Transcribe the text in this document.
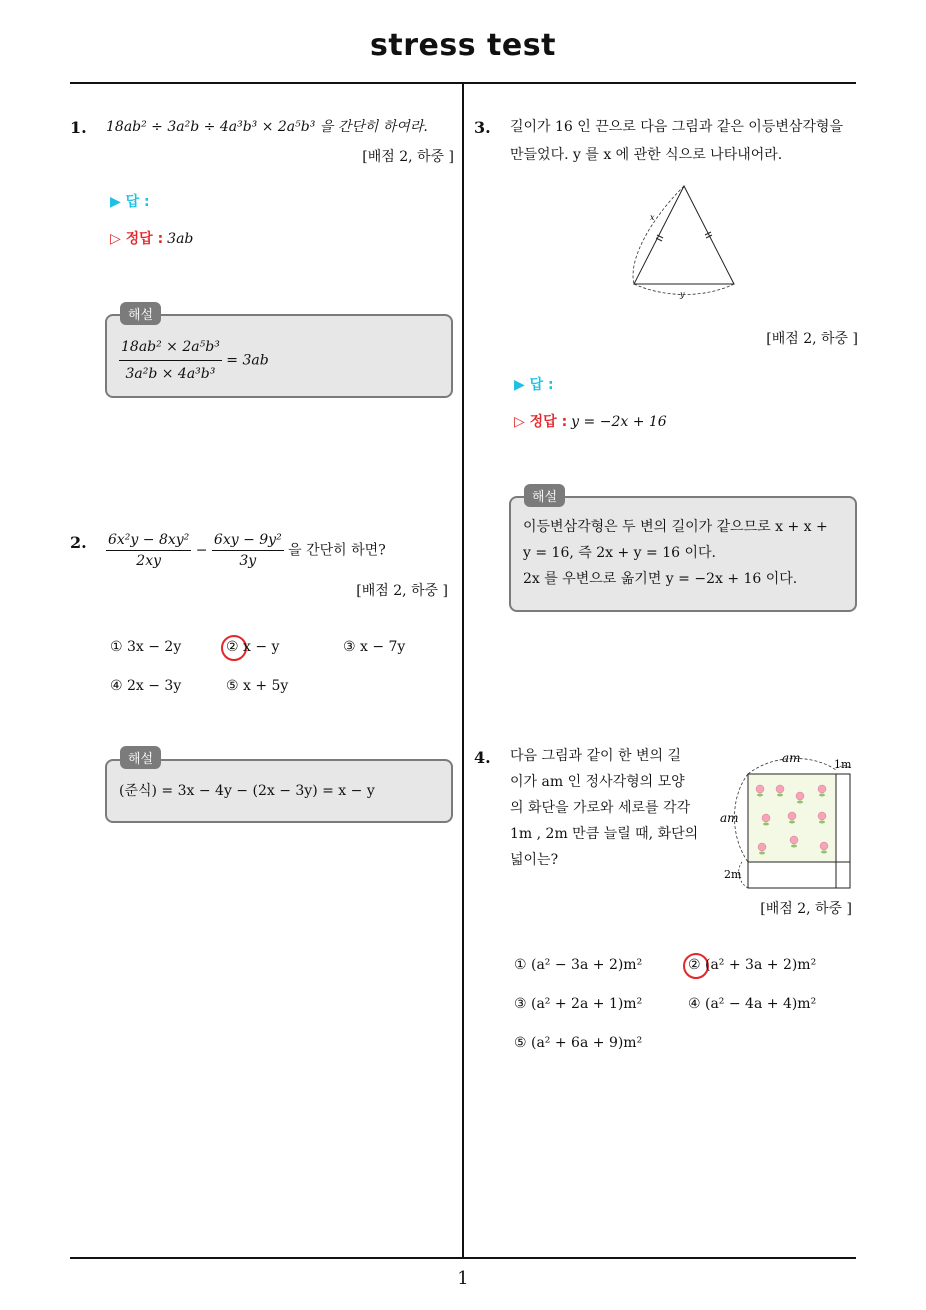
stress test
1
1. 18ab² ÷ 3a²b ÷ 4a³b³ × 2a⁵b³ 을 간단히 하여라.
[배점 2, 하중 ]
▶ 답 :
▷ 정답 : 3ab
$\frac{\text{18ab² × 2a⁵b³}}{\text{3a²b × 4a³b³}} = 3ab$
해설
2. $\frac{\text{6x²y − 8xy²}}{2xy} - \frac{\text{6xy − 9y²}}{3y}$ 을 간단히 하면?
[배점 2, 하중 ]
① 3x − 2y	② x − y	③ x − 7y
④ 2x − 3y	⑤ x + 5y
(준식) = 3x − 4y − (2x − 3y) = x − y
해설
3. 길이가 16 인 끈으로 다음 그림과 같은 이등변삼각형을
만들었다. y 를 x 에 관한 식으로 나타내어라.
x
y
[배점 2, 하중 ]
▶ 답 :
▷ 정답 : y = −2x + 16
이등변삼각형은 두 변의 길이가 같으므로 x + x +
y = 16, 즉 2x + y = 16 이다.
2x 를 우변으로 옮기면 y = −2x + 16 이다.
해설
4. 다음 그림과 같이 한 변의 길
이가 am 인 정사각형의 모양
의 화단을 가로와 세로를 각각
1m , 2m 만큼 늘릴 때, 화단의
넓이는?
am
am
1m
2m
[배점 2, 하중 ]
① (a² − 3a + 2)m²	② (a² + 3a + 2)m²
③ (a² + 2a + 1)m²	④ (a² − 4a + 4)m²
⑤ (a² + 6a + 9)m²
